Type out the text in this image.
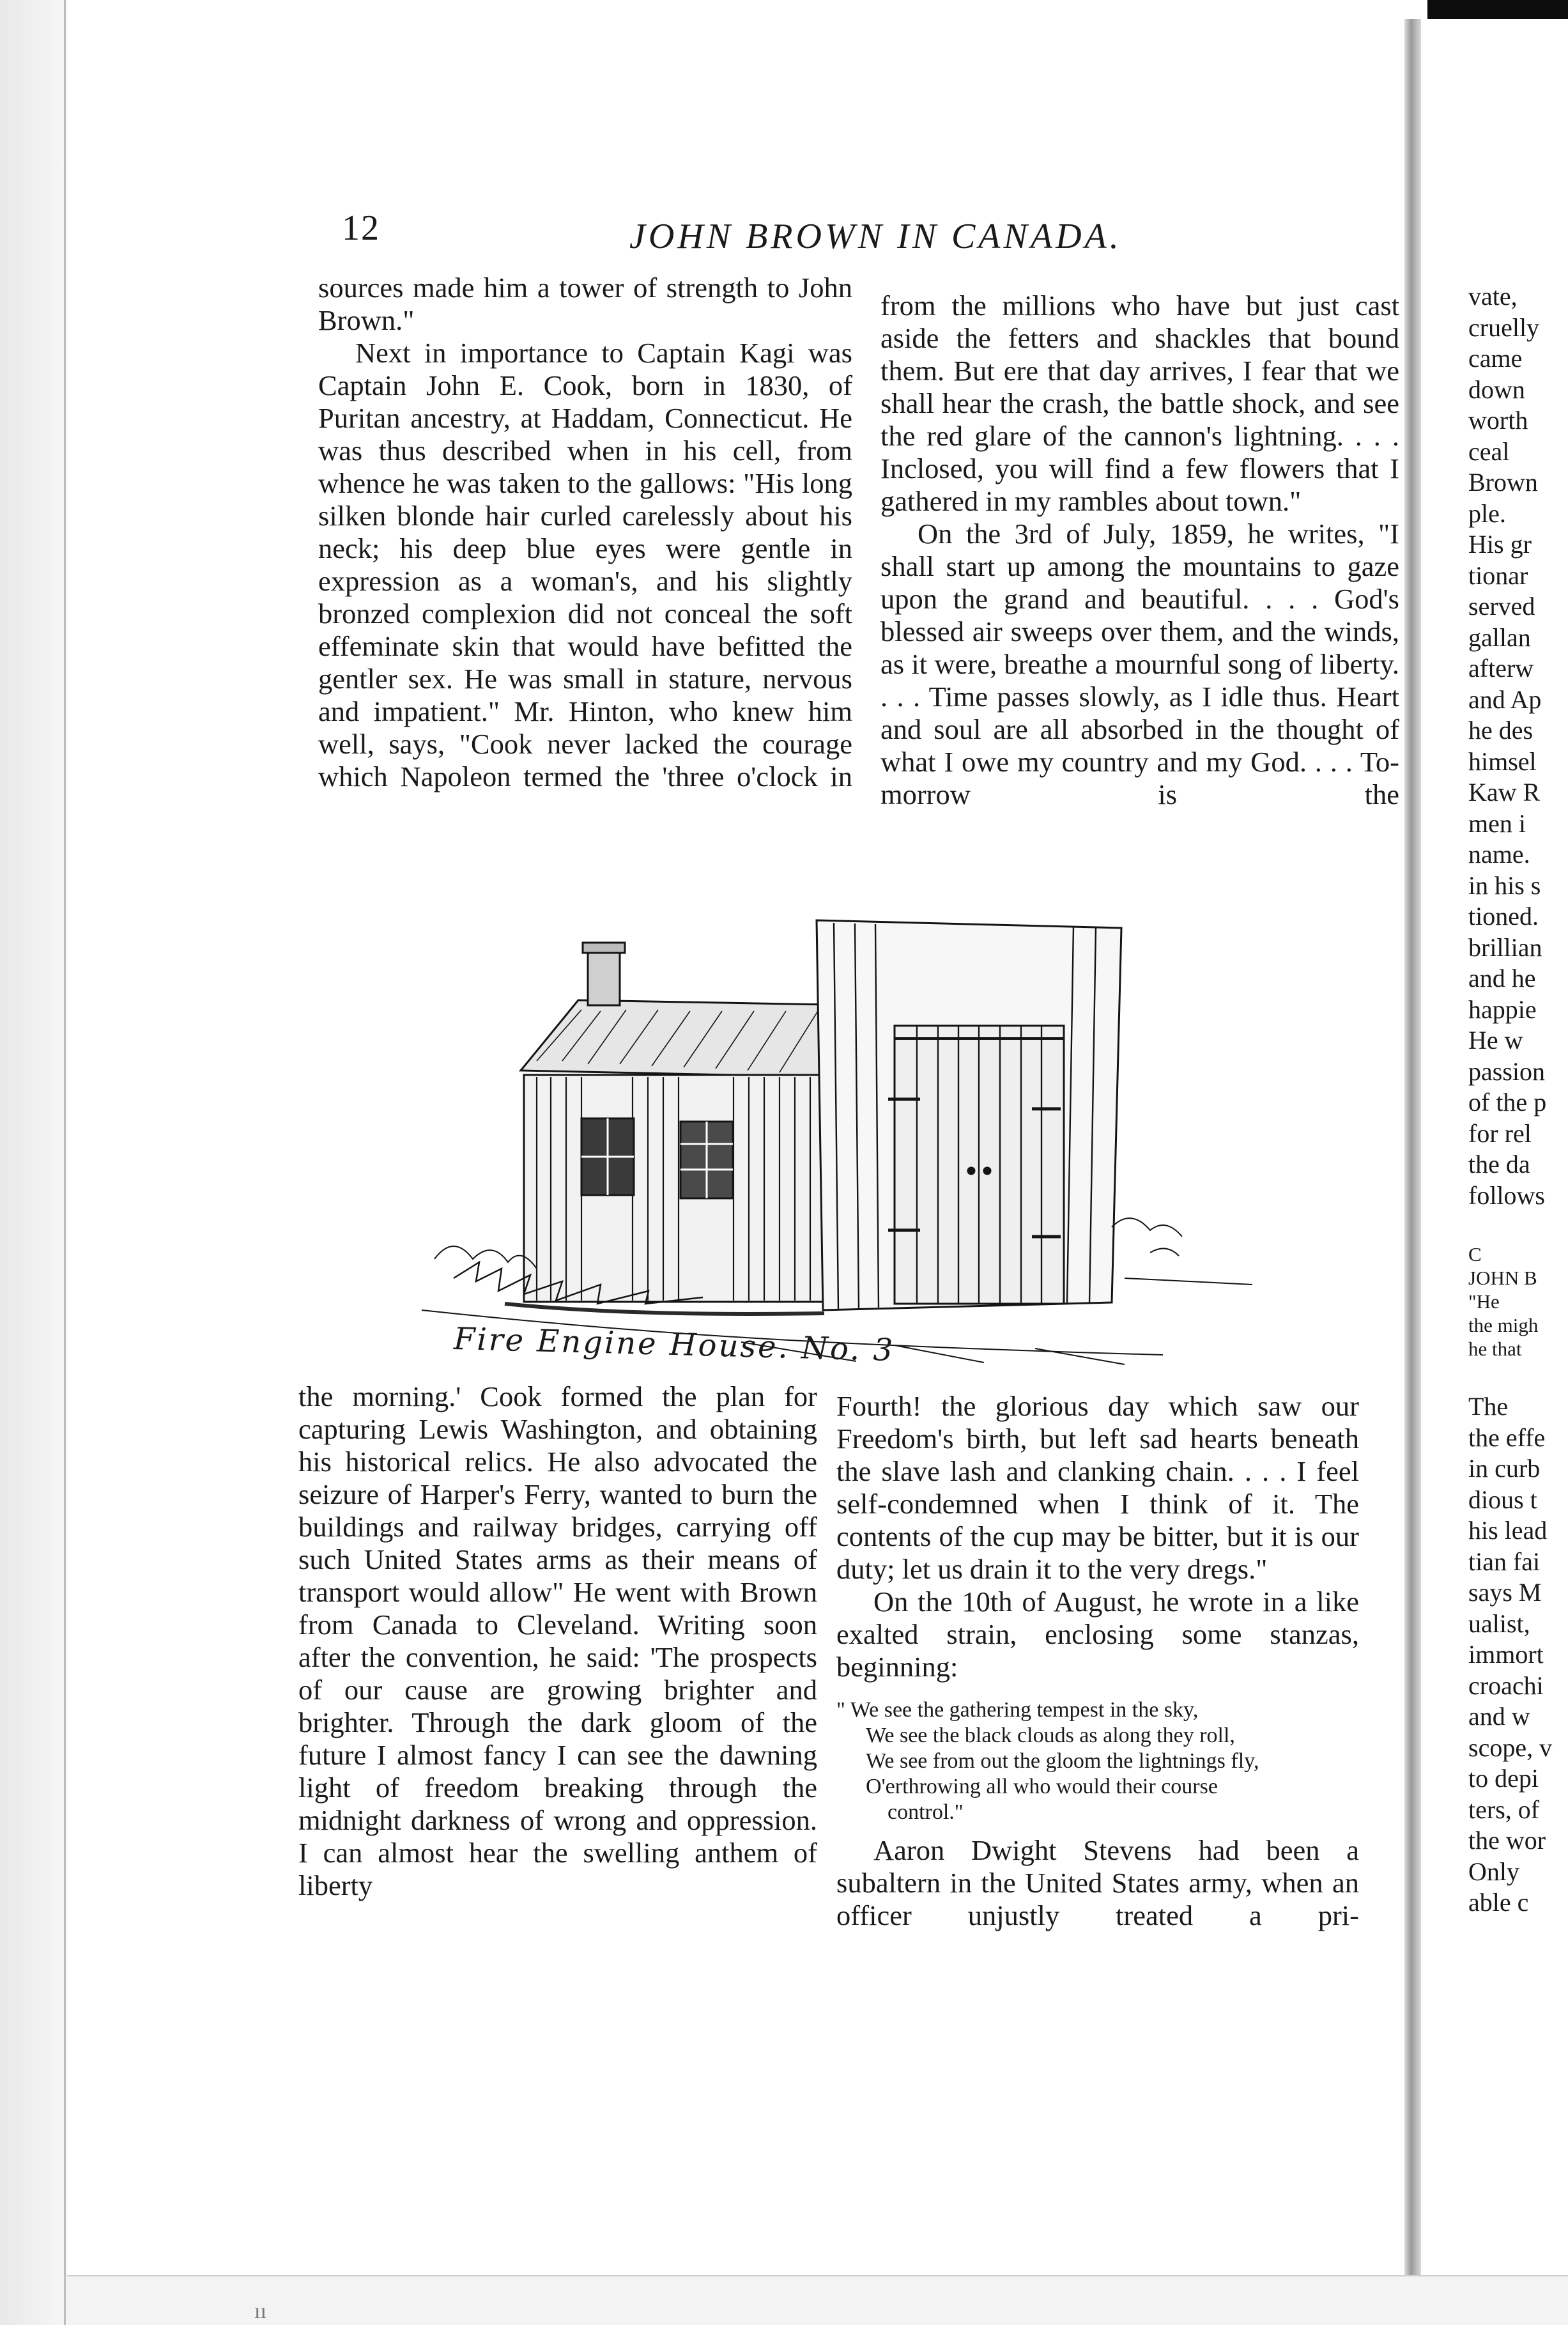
ıı
12	JOHN BROWN IN CANADA.

sources made him a tower of strength to John Brown."

Next in importance to Captain Kagi was Captain John E. Cook, born in 1830, of Puritan ancestry, at Haddam, Connecticut. He was thus described when in his cell, from whence he was taken to the gallows: "His long silken blonde hair curled carelessly about his neck; his deep blue eyes were gentle in expression as a woman's, and his slightly bronzed complexion did not conceal the soft effeminate skin that would have befitted the gentler sex. He was small in stature, nervous and impatient." Mr. Hinton, who knew him well, says, "Cook never lacked the courage which Napoleon termed the 'three o'clock in

from the millions who have but just cast aside the fetters and shackles that bound them. But ere that day arrives, I fear that we shall hear the crash, the battle shock, and see the red glare of the cannon's lightning. . . . Inclosed, you will find a few flowers that I gathered in my rambles about town."

On the 3rd of July, 1859, he writes, "I shall start up among the mountains to gaze upon the grand and beautiful. . . . God's blessed air sweeps over them, and the winds, as it were, breathe a mournful song of liberty. . . . Time passes slowly, as I idle thus. Heart and soul are all absorbed in the thought of what I owe my country and my God. . . . To-morrow is the

Fire Engine House. No. 3

the morning.' Cook formed the plan for capturing Lewis Washington, and obtaining his historical relics. He also advocated the seizure of Harper's Ferry, wanted to burn the buildings and railway bridges, carrying off such United States arms as their means of transport would allow" He went with Brown from Canada to Cleveland. Writing soon after the convention, he said: 'The prospects of our cause are growing brighter and brighter. Through the dark gloom of the future I almost fancy I can see the dawning light of freedom breaking through the midnight darkness of wrong and oppression. I can almost hear the swelling anthem of liberty

Fourth! the glorious day which saw our Freedom's birth, but left sad hearts beneath the slave lash and clanking chain. . . . I feel self-condemned when I think of it. The contents of the cup may be bitter, but it is our duty; let us drain it to the very dregs."

On the 10th of August, he wrote in a like exalted strain, enclosing some stanzas, beginning:

" We see the gathering tempest in the sky,
We see the black clouds as along they roll,
We see from out the gloom the lightnings fly,
O'erthrowing all who would their course
control."

Aaron Dwight Stevens had been a subaltern in the United States army, when an officer unjustly treated a pri-

vate,
cruelly
came
down
worth
ceal
Brown
ple.
His gr
tionar
served
gallan
afterw
and Ap
he des
himsel
Kaw R
men i
name.
in his s
tioned.
brillian
and he
happie
He w
passion
of the p
for rel
the da
follows
C
JOHN B
"He
the migh
he that
The
the effe
in curb
dious t
his lead
tian fai
says M
ualist,
immort
croachi
and w
scope, v
to depi
ters, of
the wor
Only
able c
